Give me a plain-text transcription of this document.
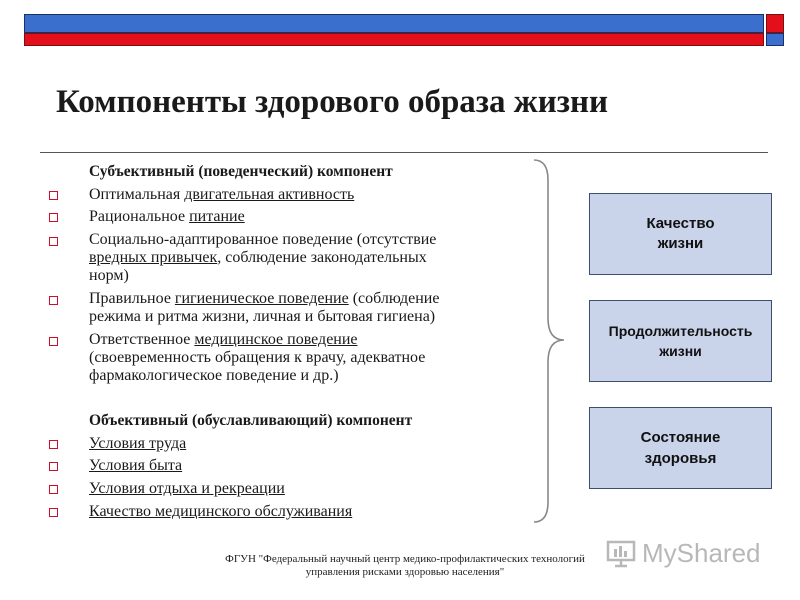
Компоненты здорового образа жизни
Субъективный (поведенческий) компонент
Оптимальная двигательная активность
Рациональное питание
Социально-адаптированное поведение (отсутствие
вредных привычек, соблюдение законодательных
норм)
Правильное гигиеническое поведение (соблюдение
режима и ритма жизни, личная и бытовая гигиена)
Ответственное медицинское поведение
(своевременность обращения к врачу, адекватное
фармакологическое поведение и др.)
Объективный (обуславливающий) компонент
Условия труда
Условия быта
Условия отдыха и рекреации
Качество медицинского обслуживания
Качество
жизни
Продолжительность
жизни
Состояние
здоровья
ФГУН "Федеральный научный центр медико-профилактических технологий
управления рисками здоровью населения"
MyShared
